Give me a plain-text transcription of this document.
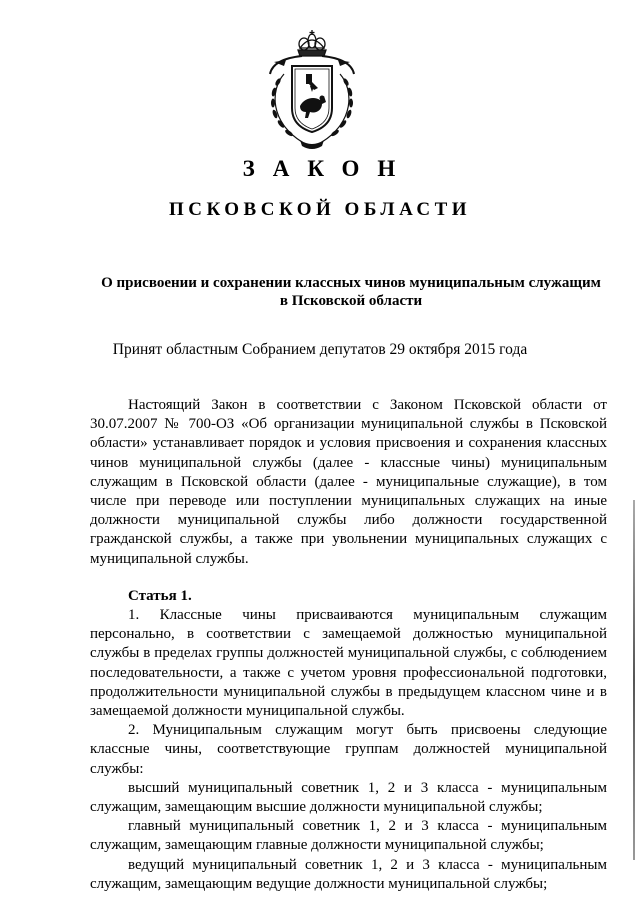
ЗАКОН
ПСКОВСКОЙ ОБЛАСТИ
О присвоении и сохранении классных чинов муниципальным служащим
в Псковской области
Принят областным Собранием депутатов 29 октября 2015 года

Настоящий Закон в соответствии с Законом Псковской области от 30.07.2007 № 700-ОЗ «Об организации муниципальной службы в Псковской области» устанавливает порядок и условия присвоения и сохранения классных чинов муниципальной службы (далее - классные чины) муниципальным служащим в Псковской области (далее - муниципальные служащие), в том числе при переводе или поступлении муниципальных служащих на иные должности муниципальной службы либо должности государственной гражданской службы, а также при увольнении муниципальных служащих с муниципальной службы.

Статья 1.

1. Классные чины присваиваются муниципальным служащим персонально, в соответствии с замещаемой должностью муниципальной службы в пределах группы должностей муниципальной службы, с соблюдением последовательности, а также с учетом уровня профессиональной подготовки, продолжительности муниципальной службы в предыдущем классном чине и в замещаемой должности муниципальной службы.

2. Муниципальным служащим могут быть присвоены следующие классные чины, соответствующие группам должностей муниципальной службы:

высший муниципальный советник 1, 2 и 3 класса - муниципальным служащим, замещающим высшие должности муниципальной службы;

главный муниципальный советник 1, 2 и 3 класса - муниципальным служащим, замещающим главные должности муниципальной службы;

ведущий муниципальный советник 1, 2 и 3 класса - муниципальным служащим, замещающим ведущие должности муниципальной службы;
